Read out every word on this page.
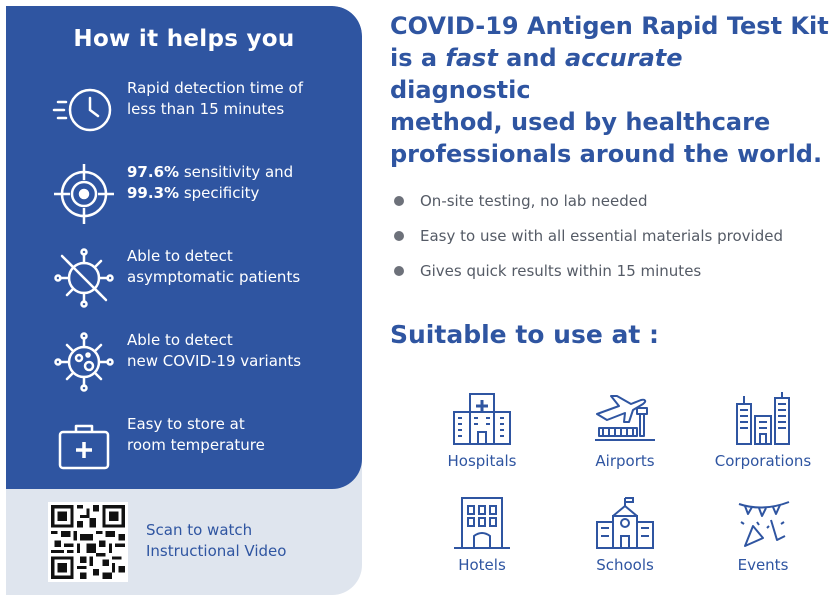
How it helps you
Rapid detection time of
less than 15 minutes
97.6% sensitivity and
99.3% specificity
Able to detect
asymptomatic patients
Able to detect
new COVID-19 variants
Easy to store at
room temperature
Scan to watch
Instructional Video
COVID-19 Antigen Rapid Test Kit
is a fast and accurate diagnostic
method, used by healthcare
professionals around the world.
On-site testing, no lab needed
Easy to use with all essential materials provided
Gives quick results within 15 minutes
Suitable to use at :
Hospitals	Airports	Corporations
Hotels	Schools	Events
